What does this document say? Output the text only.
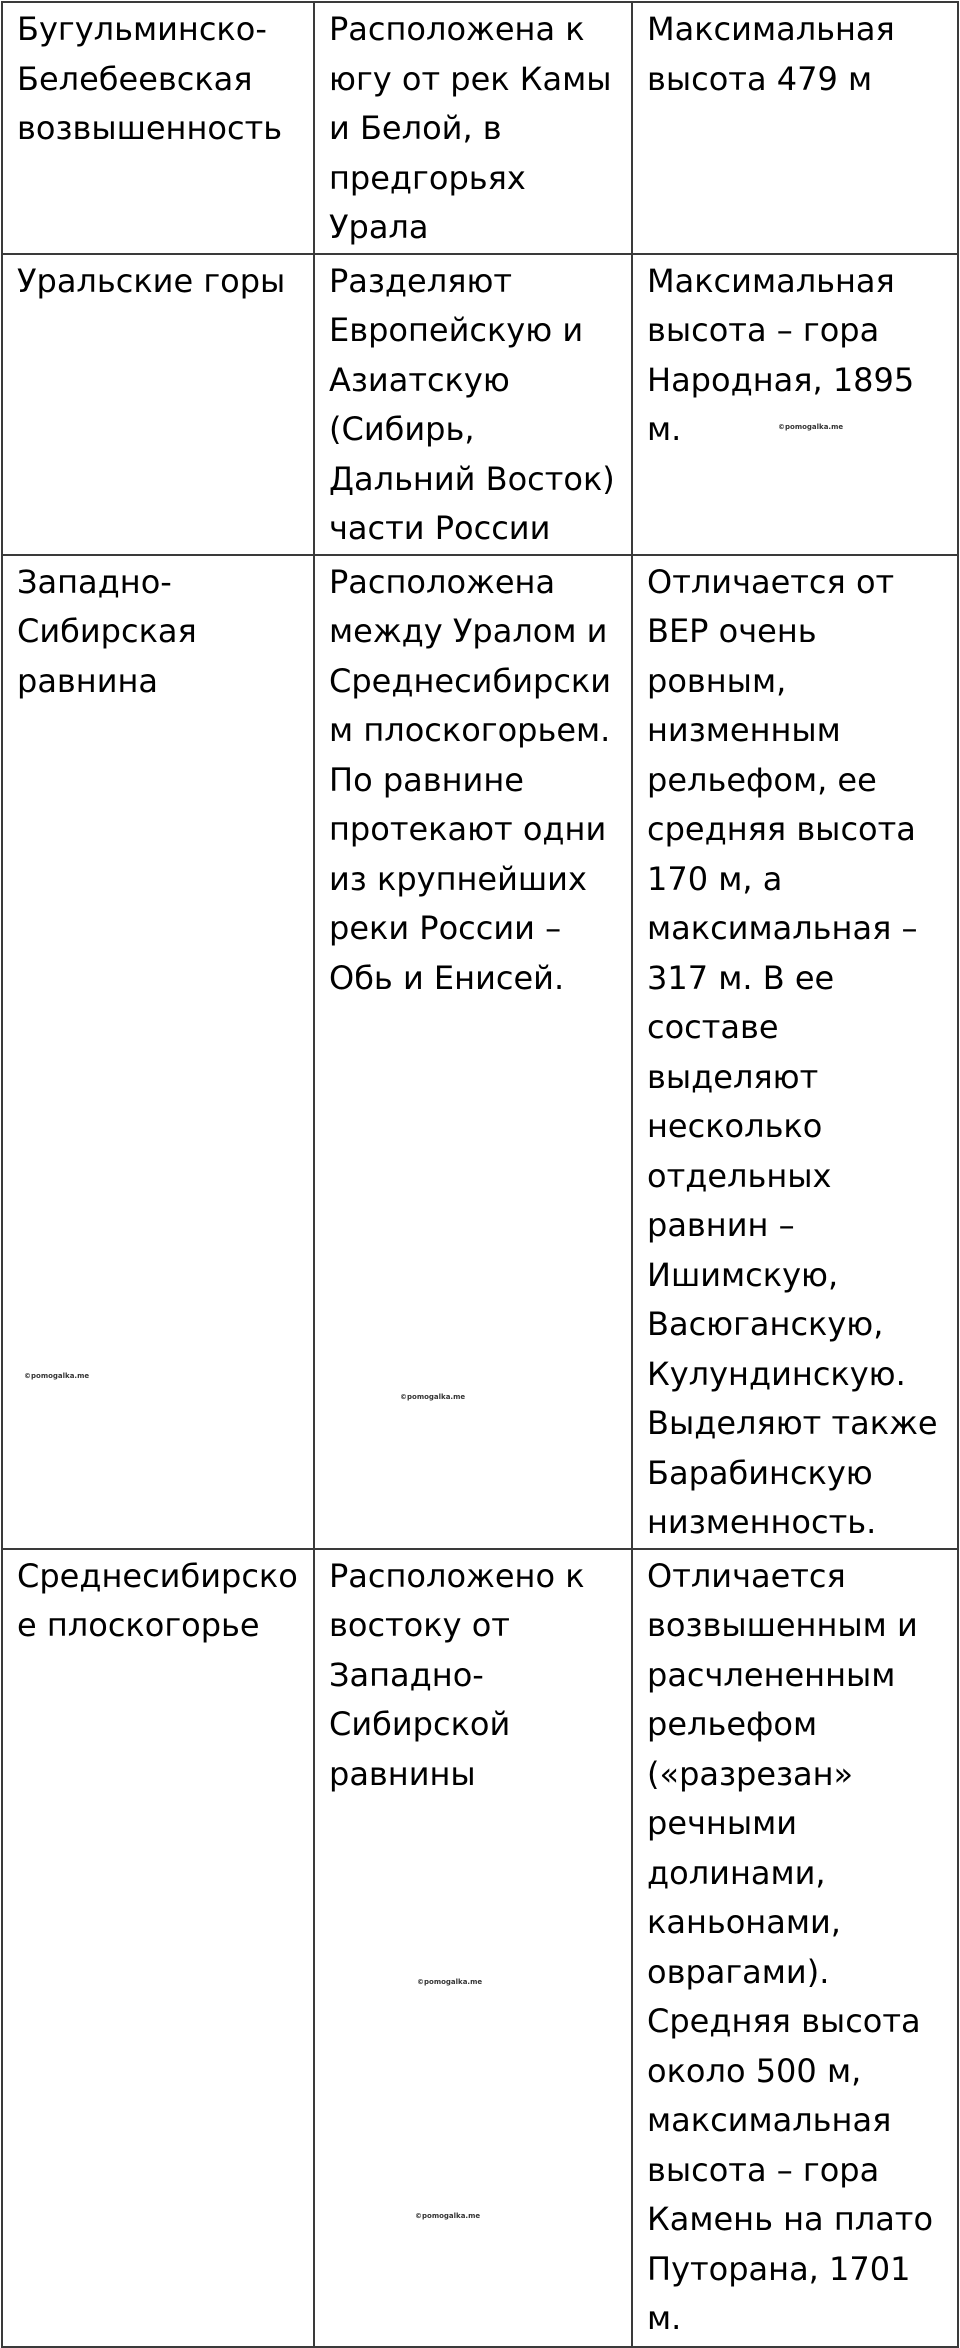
Бугульминско-Белебеевская возвышенность	Расположена к югу от рек Камы и Белой, в предгорьях Урала	Максимальная высота 479 м
Уральские горы	Разделяют Европейскую и Азиатскую (Сибирь, Дальний Восток) части России	Максимальная высота – гора Народная, 1895 м.
Западно-Сибирская равнина	Расположена между Уралом и Среднесибирским плоскогорьем. По равнине протекают одни из крупнейших реки России – Обь и Енисей.	Отличается от ВЕР очень ровным, низменным рельефом, ее средняя высота 170 м, а максимальная – 317 м. В ее составе выделяют несколько отдельных равнин – Ишимскую, Васюганскую, Кулундинскую. Выделяют также Барабинскую низменность.
Среднесибирское плоскогорье	Расположено к востоку от Западно-Сибирской равнины	Отличается возвышенным и расчлененным рельефом («разрезан» речными долинами, каньонами, оврагами). Средняя высота около 500 м, максимальная высота – гора Камень на плато Путорана, 1701 м.
©pomogalka.me
©pomogalka.me
©pomogalka.me
©pomogalka.me
©pomogalka.me
